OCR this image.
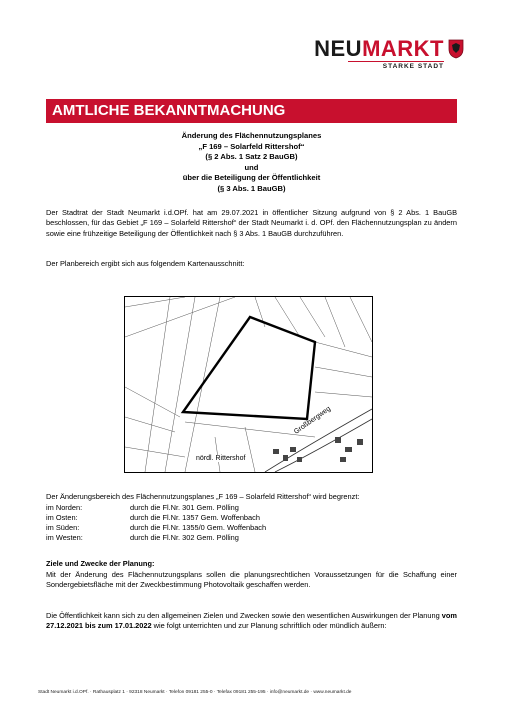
NEUMARKT
STARKE STADT
AMTLICHE BEKANNTMACHUNG
Änderung des Flächennutzungsplanes
„F 169 – Solarfeld Rittershof“
(§ 2 Abs. 1 Satz 2 BauGB)
und
über die Beteiligung der Öffentlichkeit
(§ 3 Abs. 1 BauGB)
Der Stadtrat der Stadt Neumarkt i.d.OPf. hat am 29.07.2021 in öffentlicher Sitzung aufgrund von § 2 Abs. 1 BauGB beschlossen, für das Gebiet „F 169 – Solarfeld Rittershof“ der Stadt Neumarkt i. d. OPf. den Flächennutzungsplan zu ändern sowie eine frühzeitige Beteiligung der Öffentlichkeit nach § 3 Abs. 1 BauGB durchzuführen.
Der Planbereich ergibt sich aus folgendem Kartenausschnitt:
nördl. Rittershof
Großbergweg
Der Änderungsbereich des Flächennutzungsplanes „F 169 – Solarfeld Rittershof“ wird begrenzt:
im Norden:	durch die Fl.Nr. 301 Gem. Pölling
im Osten:	durch die Fl.Nr. 1357 Gem. Woffenbach
im Süden:	durch die Fl.Nr. 1355/0 Gem. Woffenbach
im Westen:	durch die Fl.Nr. 302 Gem. Pölling
Ziele und Zwecke der Planung:
Mit der Änderung des Flächennutzungsplans sollen die planungsrechtlichen Voraussetzungen für die Schaffung einer Sondergebietsfläche mit der Zweckbestimmung Photovoltaik geschaffen werden.
Die Öffentlichkeit kann sich zu den allgemeinen Zielen und Zwecken sowie den wesentlichen Auswirkungen der Planung vom 27.12.2021 bis zum 17.01.2022 wie folgt unterrichten und zur Planung schriftlich oder mündlich äußern:
Stadt Neumarkt i.d.OPf. · Rathausplatz 1 · 92318 Neumarkt · Telefon 09181 255-0 · Telefax 09181 255-195 · info@neumarkt.de · www.neumarkt.de
